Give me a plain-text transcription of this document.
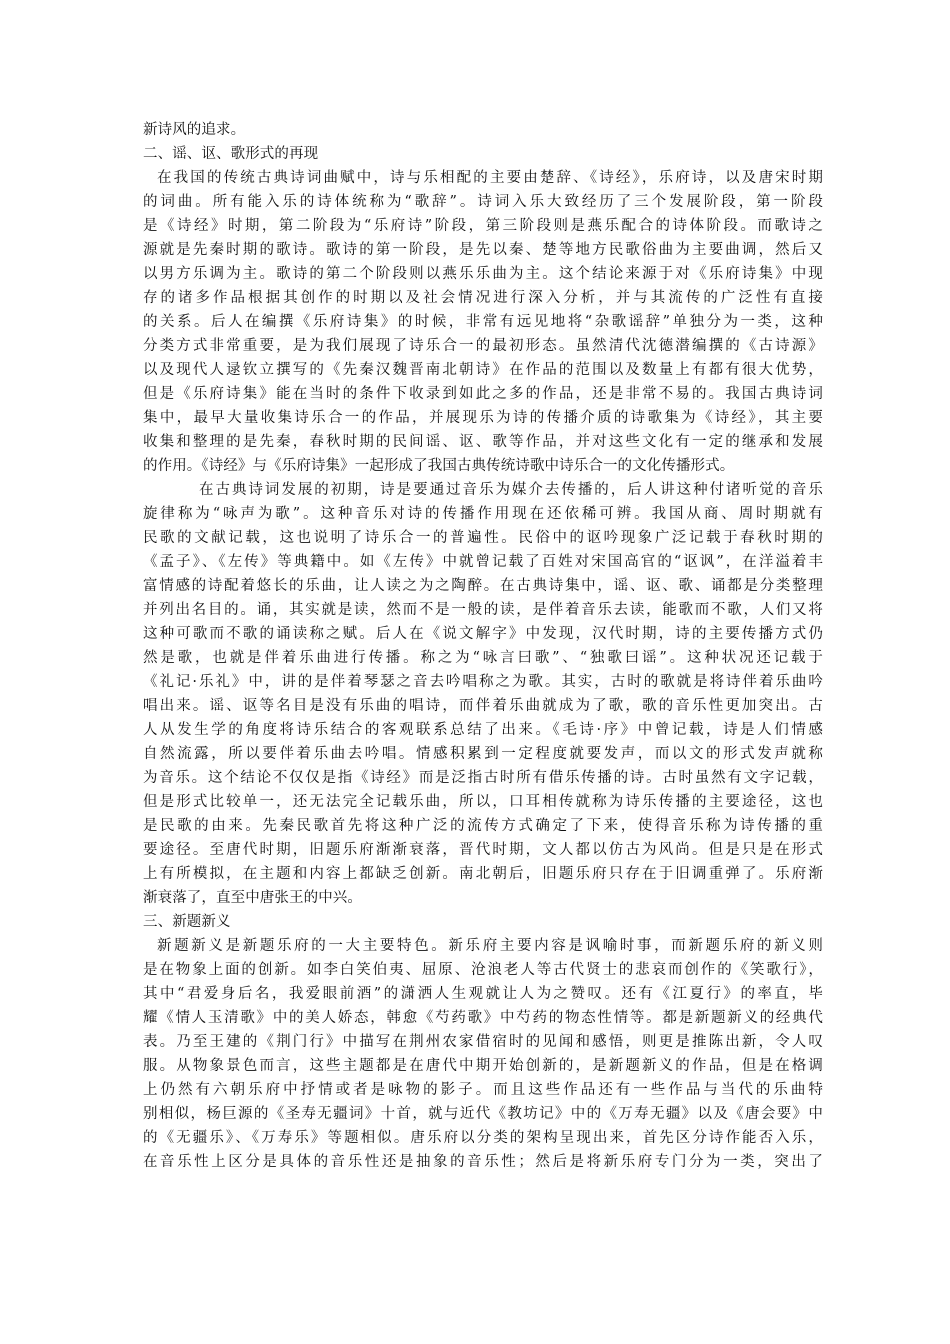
新诗风的追求。
二、谣、讴、歌形式的再现
在我国的传统古典诗词曲赋中，诗与乐相配的主要由楚辞、《诗经》，乐府诗，以及唐宋时期
的词曲。所有能入乐的诗体统称为“歌辞”。诗词入乐大致经历了三个发展阶段，第一阶段
是《诗经》时期，第二阶段为“乐府诗”阶段，第三阶段则是燕乐配合的诗体阶段。而歌诗之
源就是先秦时期的歌诗。歌诗的第一阶段，是先以秦、楚等地方民歌俗曲为主要曲调，然后又
以男方乐调为主。歌诗的第二个阶段则以燕乐乐曲为主。这个结论来源于对《乐府诗集》中现
存的诸多作品根据其创作的时期以及社会情况进行深入分析，并与其流传的广泛性有直接
的关系。后人在编撰《乐府诗集》的时候，非常有远见地将“杂歌谣辞”单独分为一类，这种
分类方式非常重要，是为我们展现了诗乐合一的最初形态。虽然清代沈德潜编撰的《古诗源》
以及现代人逯钦立撰写的《先秦汉魏晋南北朝诗》在作品的范围以及数量上有都有很大优势，
但是《乐府诗集》能在当时的条件下收录到如此之多的作品，还是非常不易的。我国古典诗词
集中，最早大量收集诗乐合一的作品，并展现乐为诗的传播介质的诗歌集为《诗经》，其主要
收集和整理的是先秦，春秋时期的民间谣、讴、歌等作品，并对这些文化有一定的继承和发展
的作用。《诗经》与《乐府诗集》一起形成了我国古典传统诗歌中诗乐合一的文化传播形式。
在古典诗词发展的初期，诗是要通过音乐为媒介去传播的，后人讲这种付诸听觉的音乐
旋律称为“咏声为歌”。这种音乐对诗的传播作用现在还依稀可辨。我国从商、周时期就有
民歌的文献记载，这也说明了诗乐合一的普遍性。民俗中的讴吟现象广泛记载于春秋时期的
《孟子》、《左传》等典籍中。如《左传》中就曾记载了百姓对宋国高官的“讴讽”，在洋溢着丰
富情感的诗配着悠长的乐曲，让人读之为之陶醉。在古典诗集中，谣、讴、歌、诵都是分类整理
并列出名目的。诵，其实就是读，然而不是一般的读，是伴着音乐去读，能歌而不歌，人们又将
这种可歌而不歌的诵读称之赋。后人在《说文解字》中发现，汉代时期，诗的主要传播方式仍
然是歌，也就是伴着乐曲进行传播。称之为“咏言曰歌”、“独歌曰谣”。这种状况还记载于
《礼记·乐礼》中，讲的是伴着琴瑟之音去吟唱称之为歌。其实，古时的歌就是将诗伴着乐曲吟
唱出来。谣、讴等名目是没有乐曲的唱诗，而伴着乐曲就成为了歌，歌的音乐性更加突出。古
人从发生学的角度将诗乐结合的客观联系总结了出来。《毛诗·序》中曾记载，诗是人们情感
自然流露，所以要伴着乐曲去吟唱。情感积累到一定程度就要发声，而以文的形式发声就称
为音乐。这个结论不仅仅是指《诗经》而是泛指古时所有借乐传播的诗。古时虽然有文字记载，
但是形式比较单一，还无法完全记载乐曲，所以，口耳相传就称为诗乐传播的主要途径，这也
是民歌的由来。先秦民歌首先将这种广泛的流传方式确定了下来，使得音乐称为诗传播的重
要途径。至唐代时期，旧题乐府渐渐衰落，晋代时期，文人都以仿古为风尚。但是只是在形式
上有所模拟，在主题和内容上都缺乏创新。南北朝后，旧题乐府只存在于旧调重弹了。乐府渐
渐衰落了，直至中唐张王的中兴。
三、新题新义
新题新义是新题乐府的一大主要特色。新乐府主要内容是讽喻时事，而新题乐府的新义则
是在物象上面的创新。如李白笑伯夷、屈原、沧浪老人等古代贤士的悲哀而创作的《笑歌行》，
其中“君爱身后名，我爱眼前酒”的潇洒人生观就让人为之赞叹。还有《江夏行》的率直，毕
耀《情人玉清歌》中的美人娇态，韩愈《芍药歌》中芍药的物态性情等。都是新题新义的经典代
表。乃至王建的《荆门行》中描写在荆州农家借宿时的见闻和感悟，则更是推陈出新，令人叹
服。从物象景色而言，这些主题都是在唐代中期开始创新的，是新题新义的作品，但是在格调
上仍然有六朝乐府中抒情或者是咏物的影子。而且这些作品还有一些作品与当代的乐曲特
别相似，杨巨源的《圣寿无疆词》十首，就与近代《教坊记》中的《万寿无疆》以及《唐会要》中
的《无疆乐》、《万寿乐》等题相似。唐乐府以分类的架构呈现出来，首先区分诗作能否入乐，
在音乐性上区分是具体的音乐性还是抽象的音乐性；然后是将新乐府专门分为一类，突出了
